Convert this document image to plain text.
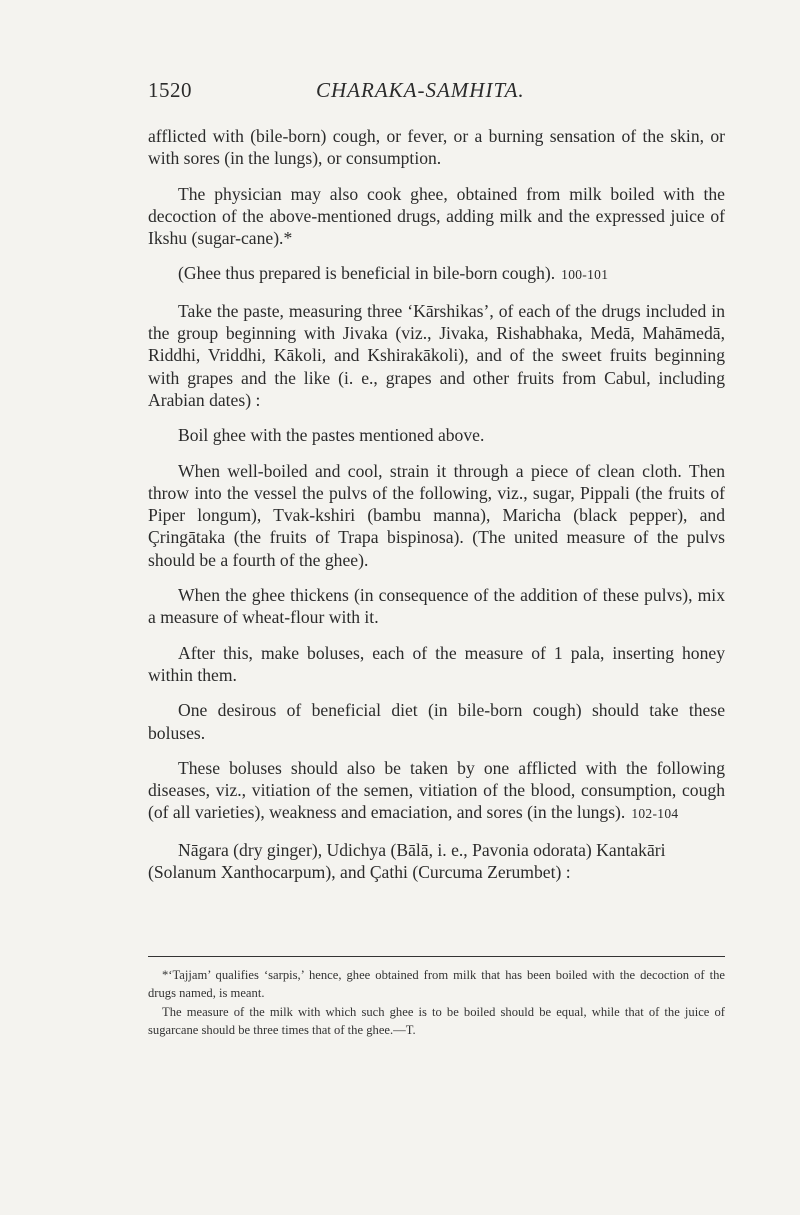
1520	CHARAKA-SAMHITA.

afflicted with (bile-born) cough, or fever, or a burning sensation of the skin, or with sores (in the lungs), or consumption.

The physician may also cook ghee, obtained from milk boiled with the decoction of the above-mentioned drugs, adding milk and the expressed juice of Ikshu (sugar-cane).*

(Ghee thus prepared is beneficial in bile-born cough). 100-101

Take the paste, measuring three ‘Kārshikas’, of each of the drugs included in the group beginning with Jivaka (viz., Jivaka, Rishabhaka, Medā, Mahāmedā, Riddhi, Vriddhi, Kākoli, and Kshirakākoli), and of the sweet fruits beginning with grapes and the like (i. e., grapes and other fruits from Cabul, including Arabian dates) :

Boil ghee with the pastes mentioned above.

When well-boiled and cool, strain it through a piece of clean cloth. Then throw into the vessel the pulvs of the following, viz., sugar, Pippali (the fruits of Piper longum), Tvak-kshiri (bambu manna), Maricha (black pepper), and Çringātaka (the fruits of Trapa bispinosa). (The united measure of the pulvs should be a fourth of the ghee).

When the ghee thickens (in consequence of the addition of these pulvs), mix a measure of wheat-flour with it.

After this, make boluses, each of the measure of 1 pala, inserting honey within them.

One desirous of beneficial diet (in bile-born cough) should take these boluses.

These boluses should also be taken by one afflicted with the following diseases, viz., vitiation of the semen, vitiation of the blood, consumption, cough (of all varieties), weakness and emaciation, and sores (in the lungs). 102-104

Nāgara (dry ginger), Udichya (Bālā, i. e., Pavonia odorata) Kantakāri (Solanum Xanthocarpum), and Çathi (Curcuma Zerumbet) :

*‘Tajjam’ qualifies ‘sarpis,’ hence, ghee obtained from milk that has been boiled with the decoction of the drugs named, is meant.

The measure of the milk with which such ghee is to be boiled should be equal, while that of the juice of sugarcane should be three times that of the ghee.—T.
